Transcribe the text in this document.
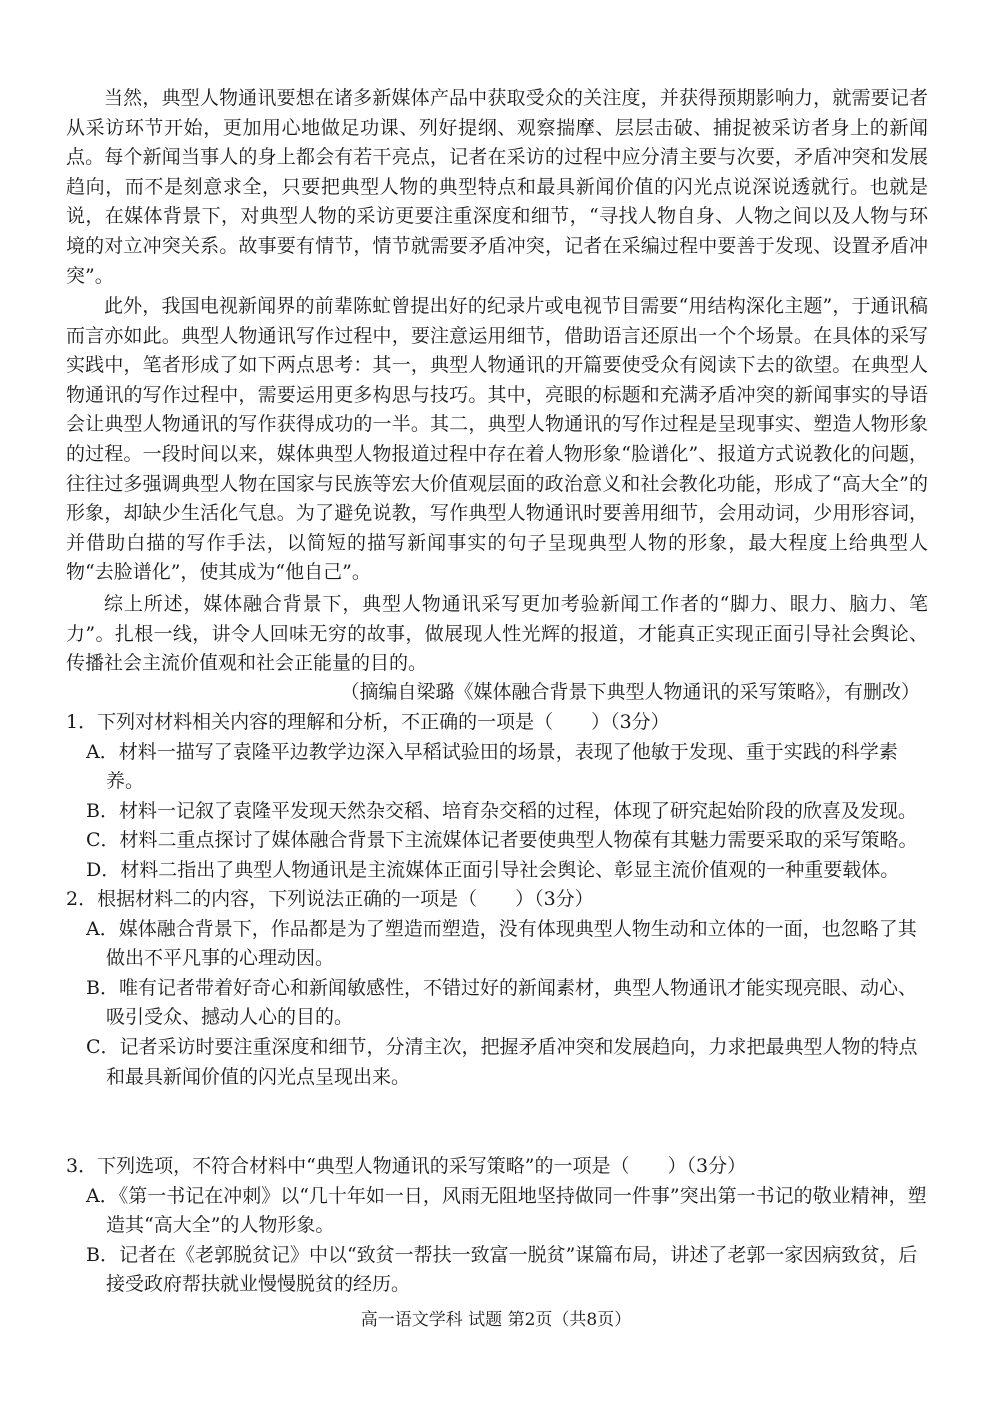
当然，典型人物通讯要想在诸多新媒体产品中获取受众的关注度，并获得预期影响力，就需要记者从采访环节开始，更加用心地做足功课、列好提纲、观察揣摩、层层击破、捕捉被采访者身上的新闻点。每个新闻当事人的身上都会有若干亮点，记者在采访的过程中应分清主要与次要，矛盾冲突和发展趋向，而不是刻意求全，只要把典型人物的典型特点和最具新闻价值的闪光点说深说透就行。也就是说，在媒体背景下，对典型人物的采访更要注重深度和细节，“寻找人物自身、人物之间以及人物与环境的对立冲突关系。故事要有情节，情节就需要矛盾冲突，记者在采编过程中要善于发现、设置矛盾冲突”。

此外，我国电视新闻界的前辈陈虻曾提出好的纪录片或电视节目需要“用结构深化主题”，于通讯稿而言亦如此。典型人物通讯写作过程中，要注意运用细节，借助语言还原出一个个场景。在具体的采写实践中，笔者形成了如下两点思考：其一，典型人物通讯的开篇要使受众有阅读下去的欲望。在典型人物通讯的写作过程中，需要运用更多构思与技巧。其中，亮眼的标题和充满矛盾冲突的新闻事实的导语会让典型人物通讯的写作获得成功的一半。其二，典型人物通讯的写作过程是呈现事实、塑造人物形象的过程。一段时间以来，媒体典型人物报道过程中存在着人物形象“脸谱化”、报道方式说教化的问题，往往过多强调典型人物在国家与民族等宏大价值观层面的政治意义和社会教化功能，形成了“高大全”的形象，却缺少生活化气息。为了避免说教，写作典型人物通讯时要善用细节，会用动词，少用形容词，并借助白描的写作手法，以简短的描写新闻事实的句子呈现典型人物的形象，最大程度上给典型人物“去脸谱化”，使其成为“他自己”。

综上所述，媒体融合背景下，典型人物通讯采写更加考验新闻工作者的“脚力、眼力、脑力、笔力”。扎根一线，讲令人回味无穷的故事，做展现人性光辉的报道，才能真正实现正面引导社会舆论、传播社会主流价值观和社会正能量的目的。

（摘编自梁璐《媒体融合背景下典型人物通讯的采写策略》，有删改）

1．下列对材料相关内容的理解和分析，不正确的一项是（　　）（3分）

A．材料一描写了袁隆平边教学边深入早稻试验田的场景，表现了他敏于发现、重于实践的科学素养。

B．材料一记叙了袁隆平发现天然杂交稻、培育杂交稻的过程，体现了研究起始阶段的欣喜及发现。

C．材料二重点探讨了媒体融合背景下主流媒体记者要使典型人物葆有其魅力需要采取的采写策略。

D．材料二指出了典型人物通讯是主流媒体正面引导社会舆论、彰显主流价值观的一种重要载体。

2．根据材料二的内容，下列说法正确的一项是（　　）（3分）

A．媒体融合背景下，作品都是为了塑造而塑造，没有体现典型人物生动和立体的一面，也忽略了其做出不平凡事的心理动因。

B．唯有记者带着好奇心和新闻敏感性，不错过好的新闻素材，典型人物通讯才能实现亮眼、动心、吸引受众、撼动人心的目的。

C．记者采访时要注重深度和细节，分清主次，把握矛盾冲突和发展趋向，力求把最典型人物的特点和最具新闻价值的闪光点呈现出来。

3．下列选项，不符合材料中“典型人物通讯的采写策略”的一项是（　　）（3分）

A．《第一书记在冲刺》以“几十年如一日，风雨无阻地坚持做同一件事”突出第一书记的敬业精神，塑造其“高大全”的人物形象。

B．记者在《老郭脱贫记》中以“致贫一帮扶一致富一脱贫”谋篇布局，讲述了老郭一家因病致贫，后接受政府帮扶就业慢慢脱贫的经历。

高一语文学科 试题 第2页（共8页）
